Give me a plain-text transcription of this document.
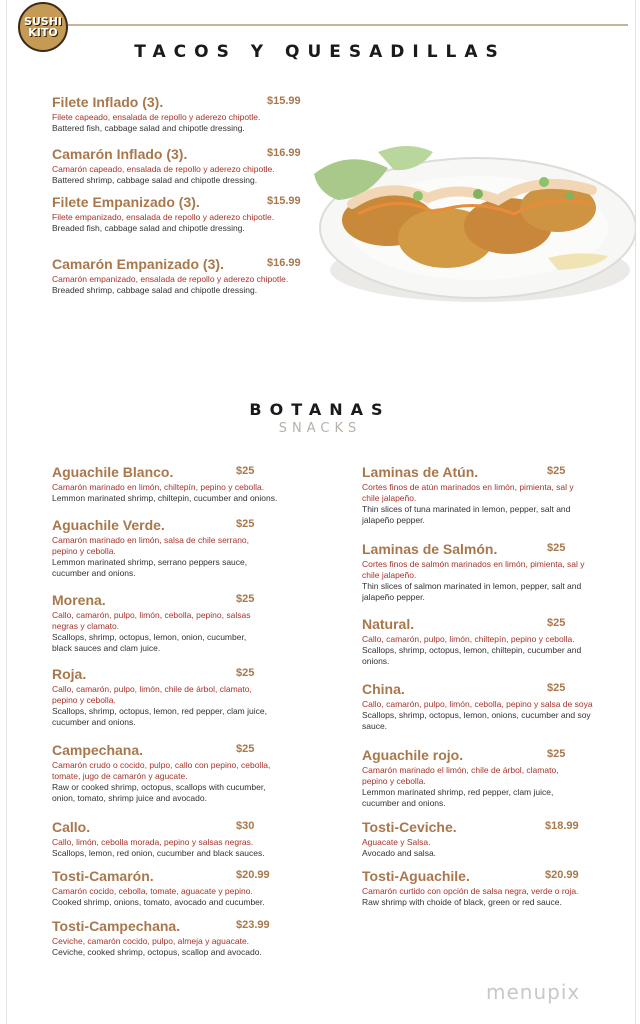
SUSHI
KITO
TACOS Y QUESADILLAS
Filete Inflado (3).	$15.99
Filete capeado, ensalada de repollo y aderezo chipotle.
Battered fish, cabbage salad and chipotle dressing.
Camarón Inflado (3).	$16.99
Camarón capeado, ensalada de repollo y aderezo chipotle.
Battered shrimp, cabbage salad and chipotle dressing.
Filete Empanizado (3).	$15.99
Filete empanizado, ensalada de repollo y aderezo chipotle.
Breaded fish, cabbage salad and chipotle dressing.
Camarón Empanizado (3).	$16.99
Camarón empanizado, ensalada de repollo y aderezo chipotle.
Breaded shrimp, cabbage salad and chipotle dressing.
BOTANAS
SNACKS
Aguachile Blanco.	$25
Camarón marinado en limón, chiltepín, pepino y cebolla.
Lemmon marinated shrimp, chiltepin, cucumber and onions.
Aguachile Verde.	$25
Camarón marinado en limón, salsa de chile serrano, pepino y cebolla.
Lemmon marinated shrimp, serrano peppers sauce, cucumber and onions.
Morena.	$25
Callo, camarón, pulpo, limón, cebolla, pepino, salsas negras y clamato.
Scallops, shrimp, octopus, lemon, onion, cucumber, black sauces and clam juice.
Roja.	$25
Callo, camarón, pulpo, limón, chile de árbol, clamato, pepino y cebolla.
Scallops, shrimp, octopus, lemon, red pepper, clam juice, cucumber and onions.
Campechana.	$25
Camarón crudo o cocido, pulpo, callo con pepino, cebolla, tomate, jugo de camarón y agucate.
Raw or cooked shrimp, octopus, scallops with cucumber, onion, tomato, shrimp juice and avocado.
Callo.	$30
Callo, limón, cebolla morada, pepino y salsas negras.
Scallops, lemon, red onion, cucumber and black sauces.
Tosti-Camarón.	$20.99
Camarón cocido, cebolla, tomate, aguacate y pepino.
Cooked shrimp, onions, tomato, avocado and cucumber.
Tosti-Campechana.	$23.99
Ceviche, camarón cocido, pulpo, almeja y aguacate.
Ceviche, cooked shrimp, octopus, scallop and avocado.
Laminas de Atún.	$25
Cortes finos de atún marinados en limón, pimienta, sal y chile jalapeño.
Thin slices of tuna marinated in lemon, pepper, salt and jalapeño pepper.
Laminas de Salmón.	$25
Cortes finos de salmón marinados en limón, pimienta, sal y chile jalapeño.
Thin slices of salmon marinated in lemon, pepper, salt and jalapeño pepper.
Natural.	$25
Callo, camarón, pulpo, limón, chiltepín, pepino y cebolla.
Scallops, shrimp, octopus, lemon, chiltepin, cucumber and onions.
China.	$25
Callo, camarón, pulpo, limón, cebolla, pepino y salsa de soya
Scallops, shrimp, octopus, lemon, onions, cucumber and soy sauce.
Aguachile rojo.	$25
Camarón marinado el limón, chile de árbol, clamato, pepino y cebolla.
Lemmon marinated shrimp, red pepper, clam juice, cucumber and onions.
Tosti-Ceviche.	$18.99
Aguacate y Salsa.
Avocado and salsa.
Tosti-Aguachile.	$20.99
Camarón curtido con opción de salsa negra, verde o roja.
Raw shrimp with choide of black, green or red sauce.
menupix
